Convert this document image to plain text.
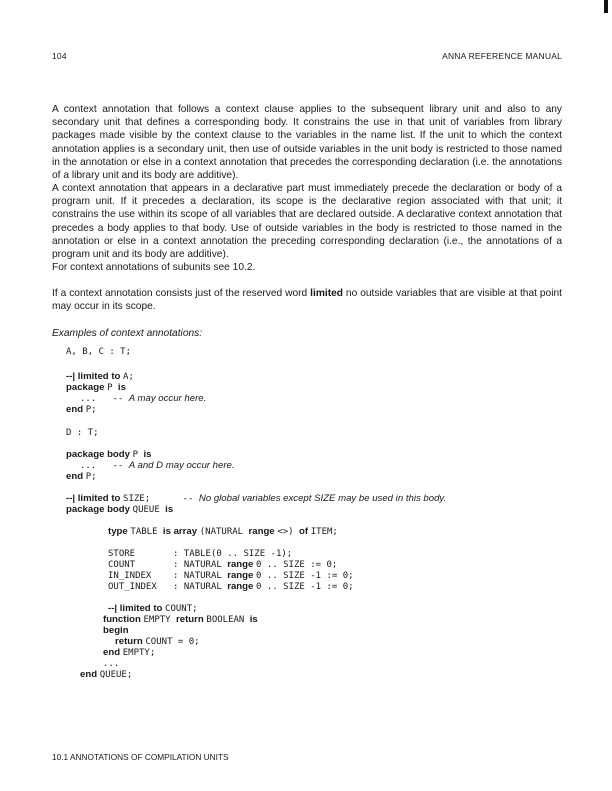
104	ANNA REFERENCE MANUAL
A context annotation that follows a context clause applies to the subsequent library unit and also to any secondary unit that defines a corresponding body. It constrains the use in that unit of variables from library packages made visible by the context clause to the variables in the name list. If the unit to which the context annotation applies is a secondary unit, then use of outside variables in the unit body is restricted to those named in the annotation or else in a context annotation that precedes the corresponding declaration (i.e. the annotations of a library unit and its body are additive).
A context annotation that appears in a declarative part must immediately precede the declaration or body of a program unit. If it precedes a declaration, its scope is the declarative region associated with that unit; it constrains the use within its scope of all variables that are declared outside. A declarative context annotation that precedes a body applies to that body. Use of outside variables in the body is restricted to those named in the annotation or else in a context annotation the preceding corresponding declaration (i.e., the annotations of a program unit and its body are additive).
For context annotations of subunits see 10.2.
If a context annotation consists just of the reserved word limited no outside variables that are visible at that point may occur in its scope.
Examples of context annotations:
A, B, C : T;
--| limited to A;
package P is
...   -- A may occur here.
end P;
D : T;
package body P is
...   -- A and D may occur here.
end P;
--| limited to SIZE;      -- No global variables except SIZE may be used in this body.
package body QUEUE is
type TABLE is array (NATURAL range <>) of ITEM;
STORE       : TABLE(0 .. SIZE -1);
COUNT       : NATURAL range 0 .. SIZE := 0;
IN_INDEX    : NATURAL range 0 .. SIZE -1 := 0;
OUT_INDEX   : NATURAL range 0 .. SIZE -1 := 0;
--| limited to COUNT;
function EMPTY return BOOLEAN is
begin
return COUNT = 0;
end EMPTY;
...
end QUEUE;
10.1 ANNOTATIONS OF COMPILATION UNITS
